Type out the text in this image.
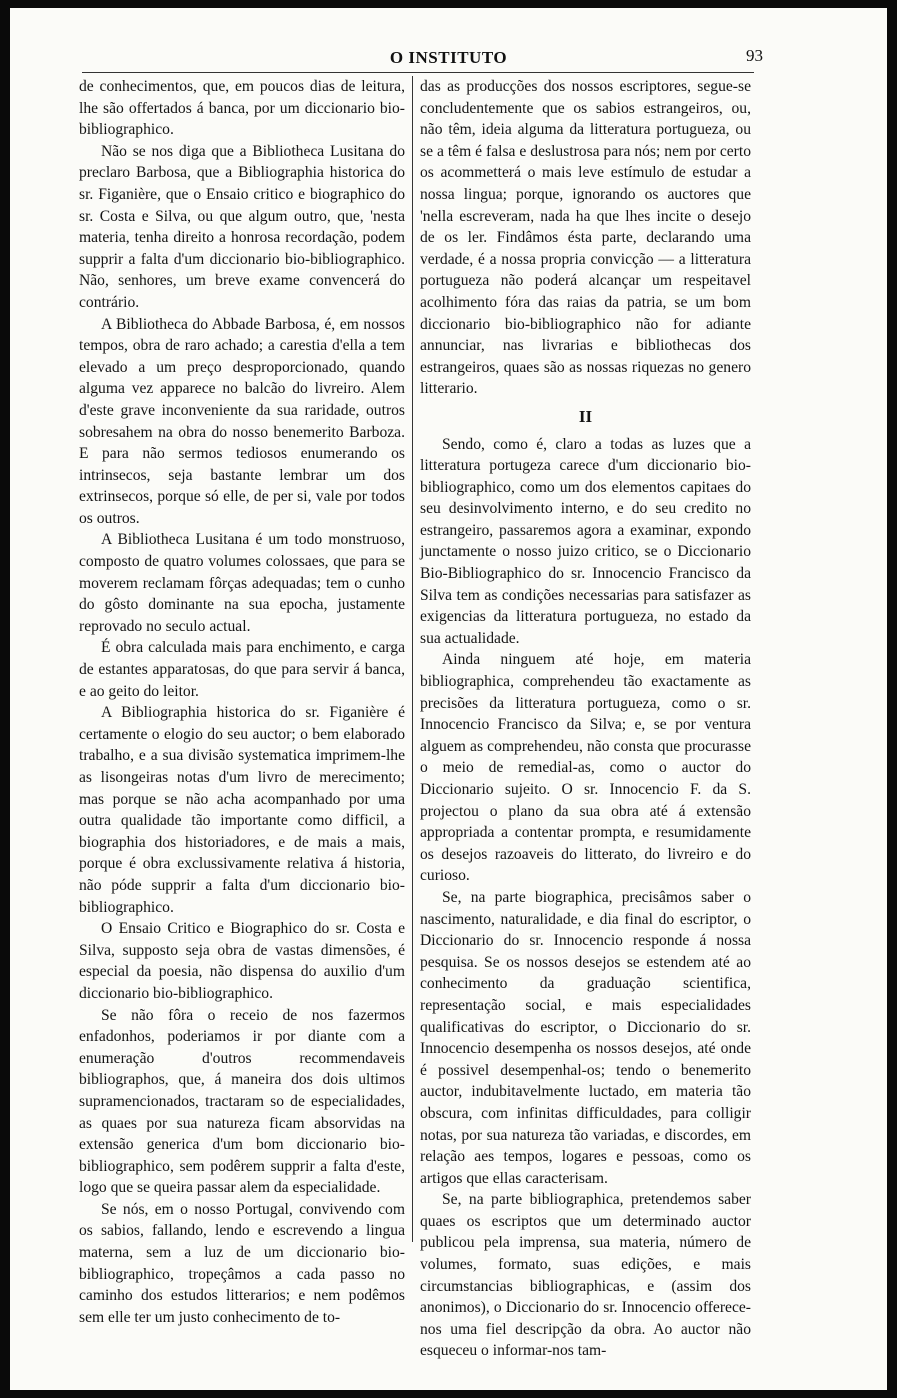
O INSTITUTO	93

de conhecimentos, que, em poucos dias de leitura, lhe são offertados á banca, por um diccionario bio-bibliographico.

Não se nos diga que a Bibliotheca Lusitana do preclaro Barbosa, que a Bibliographia historica do sr. Figanière, que o Ensaio critico e biographico do sr. Costa e Silva, ou que algum outro, que, 'nesta materia, tenha direito a honrosa recordação, podem supprir a falta d'um diccionario bio-bibliographico. Não, senhores, um breve exame convencerá do contrário.

A Bibliotheca do Abbade Barbosa, é, em nossos tempos, obra de raro achado; a carestia d'ella a tem elevado a um preço desproporcionado, quando alguma vez apparece no balcão do livreiro. Alem d'este grave inconveniente da sua raridade, outros sobresahem na obra do nosso benemerito Barboza. E para não sermos tediosos enumerando os intrinsecos, seja bastante lembrar um dos extrinsecos, porque só elle, de per si, vale por todos os outros.

A Bibliotheca Lusitana é um todo monstruoso, composto de quatro volumes colossaes, que para se moverem reclamam fôrças adequadas; tem o cunho do gôsto dominante na sua epocha, justamente reprovado no seculo actual.

É obra calculada mais para enchimento, e carga de estantes apparatosas, do que para servir á banca, e ao geito do leitor.

A Bibliographia historica do sr. Figanière é certamente o elogio do seu auctor; o bem elaborado trabalho, e a sua divisão systematica imprimem-lhe as lisongeiras notas d'um livro de merecimento; mas porque se não acha acompanhado por uma outra qualidade tão importante como difficil, a biographia dos historiadores, e de mais a mais, porque é obra exclussivamente relativa á historia, não póde supprir a falta d'um diccionario bio-bibliographico.

O Ensaio Critico e Biographico do sr. Costa e Silva, supposto seja obra de vastas dimensões, é especial da poesia, não dispensa do auxilio d'um diccionario bio-bibliographico.

Se não fôra o receio de nos fazermos enfadonhos, poderiamos ir por diante com a enumeração d'outros recommendaveis bibliographos, que, á maneira dos dois ultimos supramencionados, tractaram so de especialidades, as quaes por sua natureza ficam absorvidas na extensão generica d'um bom diccionario bio-bibliographico, sem podêrem supprir a falta d'este, logo que se queira passar alem da especialidade.

Se nós, em o nosso Portugal, convivendo com os sabios, fallando, lendo e escrevendo a lingua materna, sem a luz de um diccionario bio-bibliographico, tropeçâmos a cada passo no caminho dos estudos litterarios; e nem podêmos sem elle ter um justo conhecimento de to-

das as producções dos nossos escriptores, segue-se concludentemente que os sabios estrangeiros, ou, não têm, ideia alguma da litteratura portugueza, ou se a têm é falsa e deslustrosa para nós; nem por certo os acommetterá o mais leve estímulo de estudar a nossa lingua; porque, ignorando os auctores que 'nella escreveram, nada ha que lhes incite o desejo de os ler. Findâmos ésta parte, declarando uma verdade, é a nossa propria convicção — a litteratura portugueza não poderá alcançar um respeitavel acolhimento fóra das raias da patria, se um bom diccionario bio-bibliographico não for adiante annunciar, nas livrarias e bibliothecas dos estrangeiros, quaes são as nossas riquezas no genero litterario.

II

Sendo, como é, claro a todas as luzes que a litteratura portugeza carece d'um diccionario bio-bibliographico, como um dos elementos capitaes do seu desinvolvimento interno, e do seu credito no estrangeiro, passaremos agora a examinar, expondo junctamente o nosso juizo critico, se o Diccionario Bio-Bibliographico do sr. Innocencio Francisco da Silva tem as condições necessarias para satisfazer as exigencias da litteratura portugueza, no estado da sua actualidade.

Ainda ninguem até hoje, em materia bibliographica, comprehendeu tão exactamente as precisões da litteratura portugueza, como o sr. Innocencio Francisco da Silva; e, se por ventura alguem as comprehendeu, não consta que procurasse o meio de remedial-as, como o auctor do Diccionario sujeito. O sr. Innocencio F. da S. projectou o plano da sua obra até á extensão appropriada a contentar prompta, e resumidamente os desejos razoaveis do litterato, do livreiro e do curioso.

Se, na parte biographica, precisâmos saber o nascimento, naturalidade, e dia final do escriptor, o Diccionario do sr. Innocencio responde á nossa pesquisa. Se os nossos desejos se estendem até ao conhecimento da graduação scientifica, representação social, e mais especialidades qualificativas do escriptor, o Diccionario do sr. Innocencio desempenha os nossos desejos, até onde é possivel desempenhal-os; tendo o benemerito auctor, indubitavelmente luctado, em materia tão obscura, com infinitas difficuldades, para colligir notas, por sua natureza tão variadas, e discordes, em relação aes tempos, logares e pessoas, como os artigos que ellas caracterisam.

Se, na parte bibliographica, pretendemos saber quaes os escriptos que um determinado auctor publicou pela imprensa, sua materia, número de volumes, formato, suas edições, e mais circumstancias bibliographicas, e (assim dos anonimos), o Diccionario do sr. Innocencio offerece-nos uma fiel descripção da obra. Ao auctor não esqueceu o informar-nos tam-
